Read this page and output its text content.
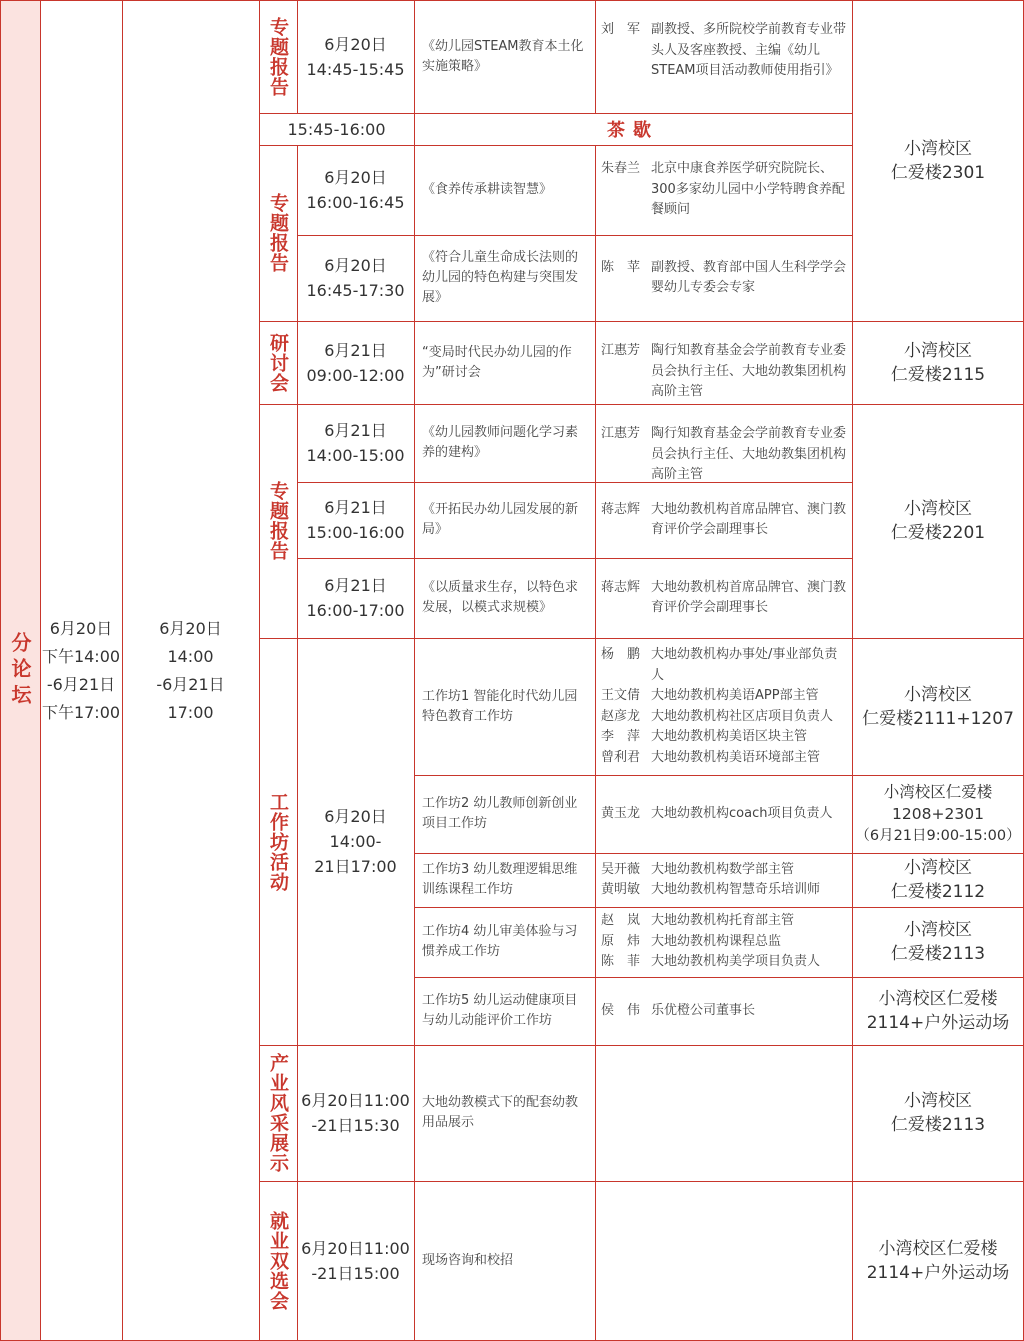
分论坛
6月20日
下午14:00
-6月21日
下午17:00
6月20日
14:00
-6月21日
17:00
专题报告
专题报告
研讨会
专题报告
工作坊活动
产业风采展示
就业双选会
15:45-16:00	茶歇
6月20日
14:45-15:45
《幼儿园STEAM教育本土化实施策略》
刘　军 副教授、多所院校学前教育专业带头人及客座教授、主编《幼儿STEAM项目活动教师使用指引》
6月20日
16:00-16:45
《食养传承耕读智慧》
朱春兰 北京中康食养医学研究院院长、300多家幼儿园中小学特聘食养配餐顾问
6月20日
16:45-17:30
《符合儿童生命成长法则的幼儿园的特色构建与突围发展》
陈　苹 副教授、教育部中国人生科学学会婴幼儿专委会专家
6月21日
09:00-12:00
“变局时代民办幼儿园的作为”研讨会
江惠芳 陶行知教育基金会学前教育专业委员会执行主任、大地幼教集团机构高阶主管
6月21日
14:00-15:00
《幼儿园教师问题化学习素养的建构》
江惠芳 陶行知教育基金会学前教育专业委员会执行主任、大地幼教集团机构高阶主管
6月21日
15:00-16:00
《开拓民办幼儿园发展的新局》
蒋志辉 大地幼教机构首席品牌官、澳门教育评价学会副理事长
6月21日
16:00-17:00
《以质量求生存，以特色求发展，以模式求规模》
蒋志辉 大地幼教机构首席品牌官、澳门教育评价学会副理事长
6月20日
14:00-
21日17:00
工作坊1 智能化时代幼儿园特色教育工作坊
杨　鹏 大地幼教机构办事处/事业部负责人
王文倩 大地幼教机构美语APP部主管
赵彦龙 大地幼教机构社区店项目负责人
李　萍 大地幼教机构美语区块主管
曾利君 大地幼教机构美语环境部主管
小湾校区
仁爱楼2111+1207
工作坊2 幼儿教师创新创业项目工作坊
黄玉龙 大地幼教机构coach项目负责人
小湾校区仁爱楼
1208+2301
（6月21日9:00-15:00）
工作坊3 幼儿数理逻辑思维训练课程工作坊
吴开薇 大地幼教机构数学部主管
黄明敏 大地幼教机构智慧奇乐培训师
小湾校区
仁爱楼2112
工作坊4 幼儿审美体验与习惯养成工作坊
赵　岚 大地幼教机构托育部主管
原　炜 大地幼教机构课程总监
陈　菲 大地幼教机构美学项目负责人
小湾校区
仁爱楼2113
工作坊5 幼儿运动健康项目与幼儿动能评价工作坊
侯　伟 乐优橙公司董事长
小湾校区仁爱楼
2114+户外运动场
6月20日11:00
-21日15:30
大地幼教模式下的配套幼教用品展示
小湾校区
仁爱楼2113
6月20日11:00
-21日15:00
现场咨询和校招
小湾校区仁爱楼
2114+户外运动场
小湾校区
仁爱楼2301
小湾校区
仁爱楼2115
小湾校区
仁爱楼2201
